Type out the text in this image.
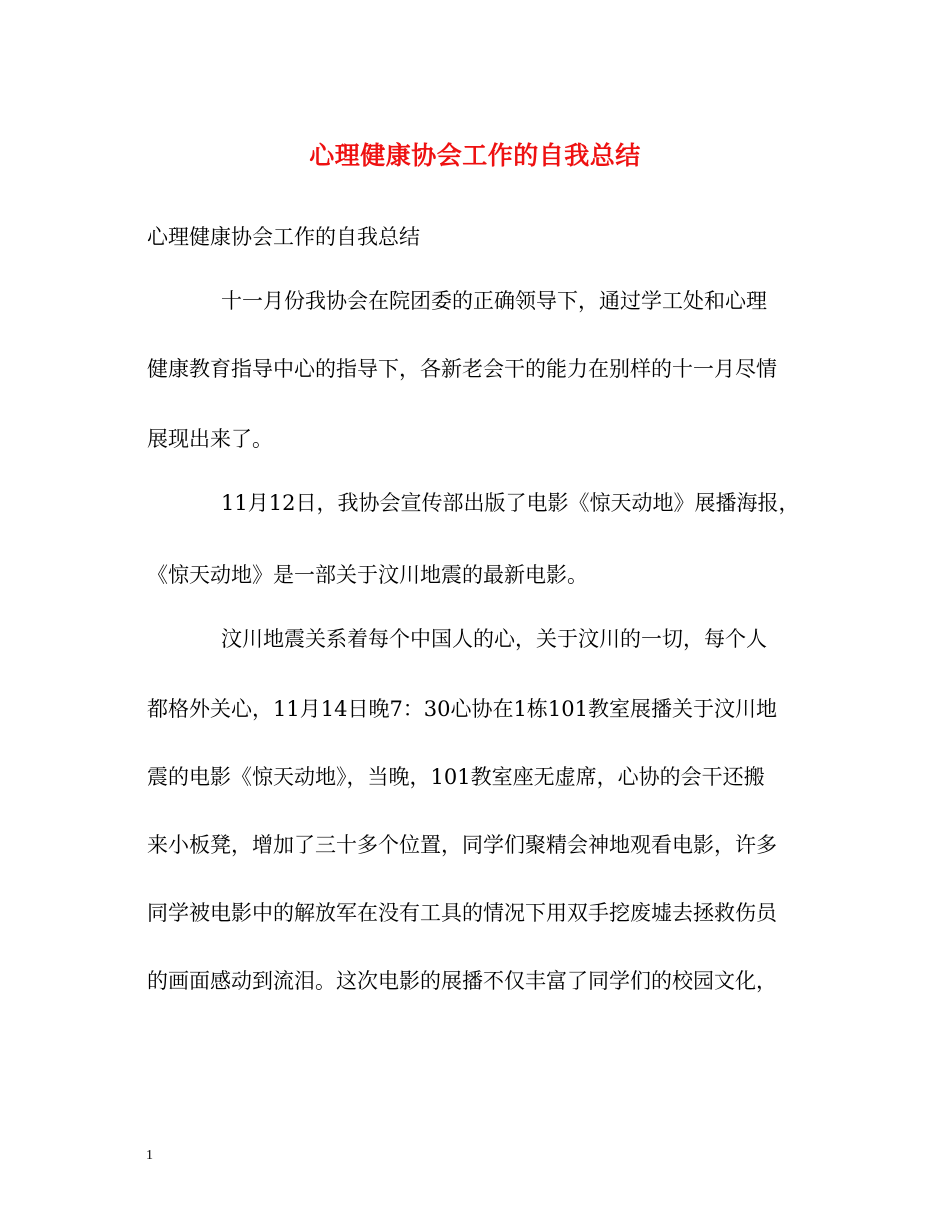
心理健康协会工作的自我总结
心理健康协会工作的自我总结
十一月份我协会在院团委的正确领导下，通过学工处和心理
健康教育指导中心的指导下，各新老会干的能力在别样的十一月尽情
展现出来了。
11月12日，我协会宣传部出版了电影《惊天动地》展播海报，
《惊天动地》是一部关于汶川地震的最新电影。
汶川地震关系着每个中国人的心，关于汶川的一切，每个人
都格外关心，11月14日晚7：30心协在1栋101教室展播关于汶川地
震的电影《惊天动地》，当晚，101教室座无虚席，心协的会干还搬
来小板凳，增加了三十多个位置，同学们聚精会神地观看电影，许多
同学被电影中的解放军在没有工具的情况下用双手挖废墟去拯救伤员
的画面感动到流泪。这次电影的展播不仅丰富了同学们的校园文化，
1
